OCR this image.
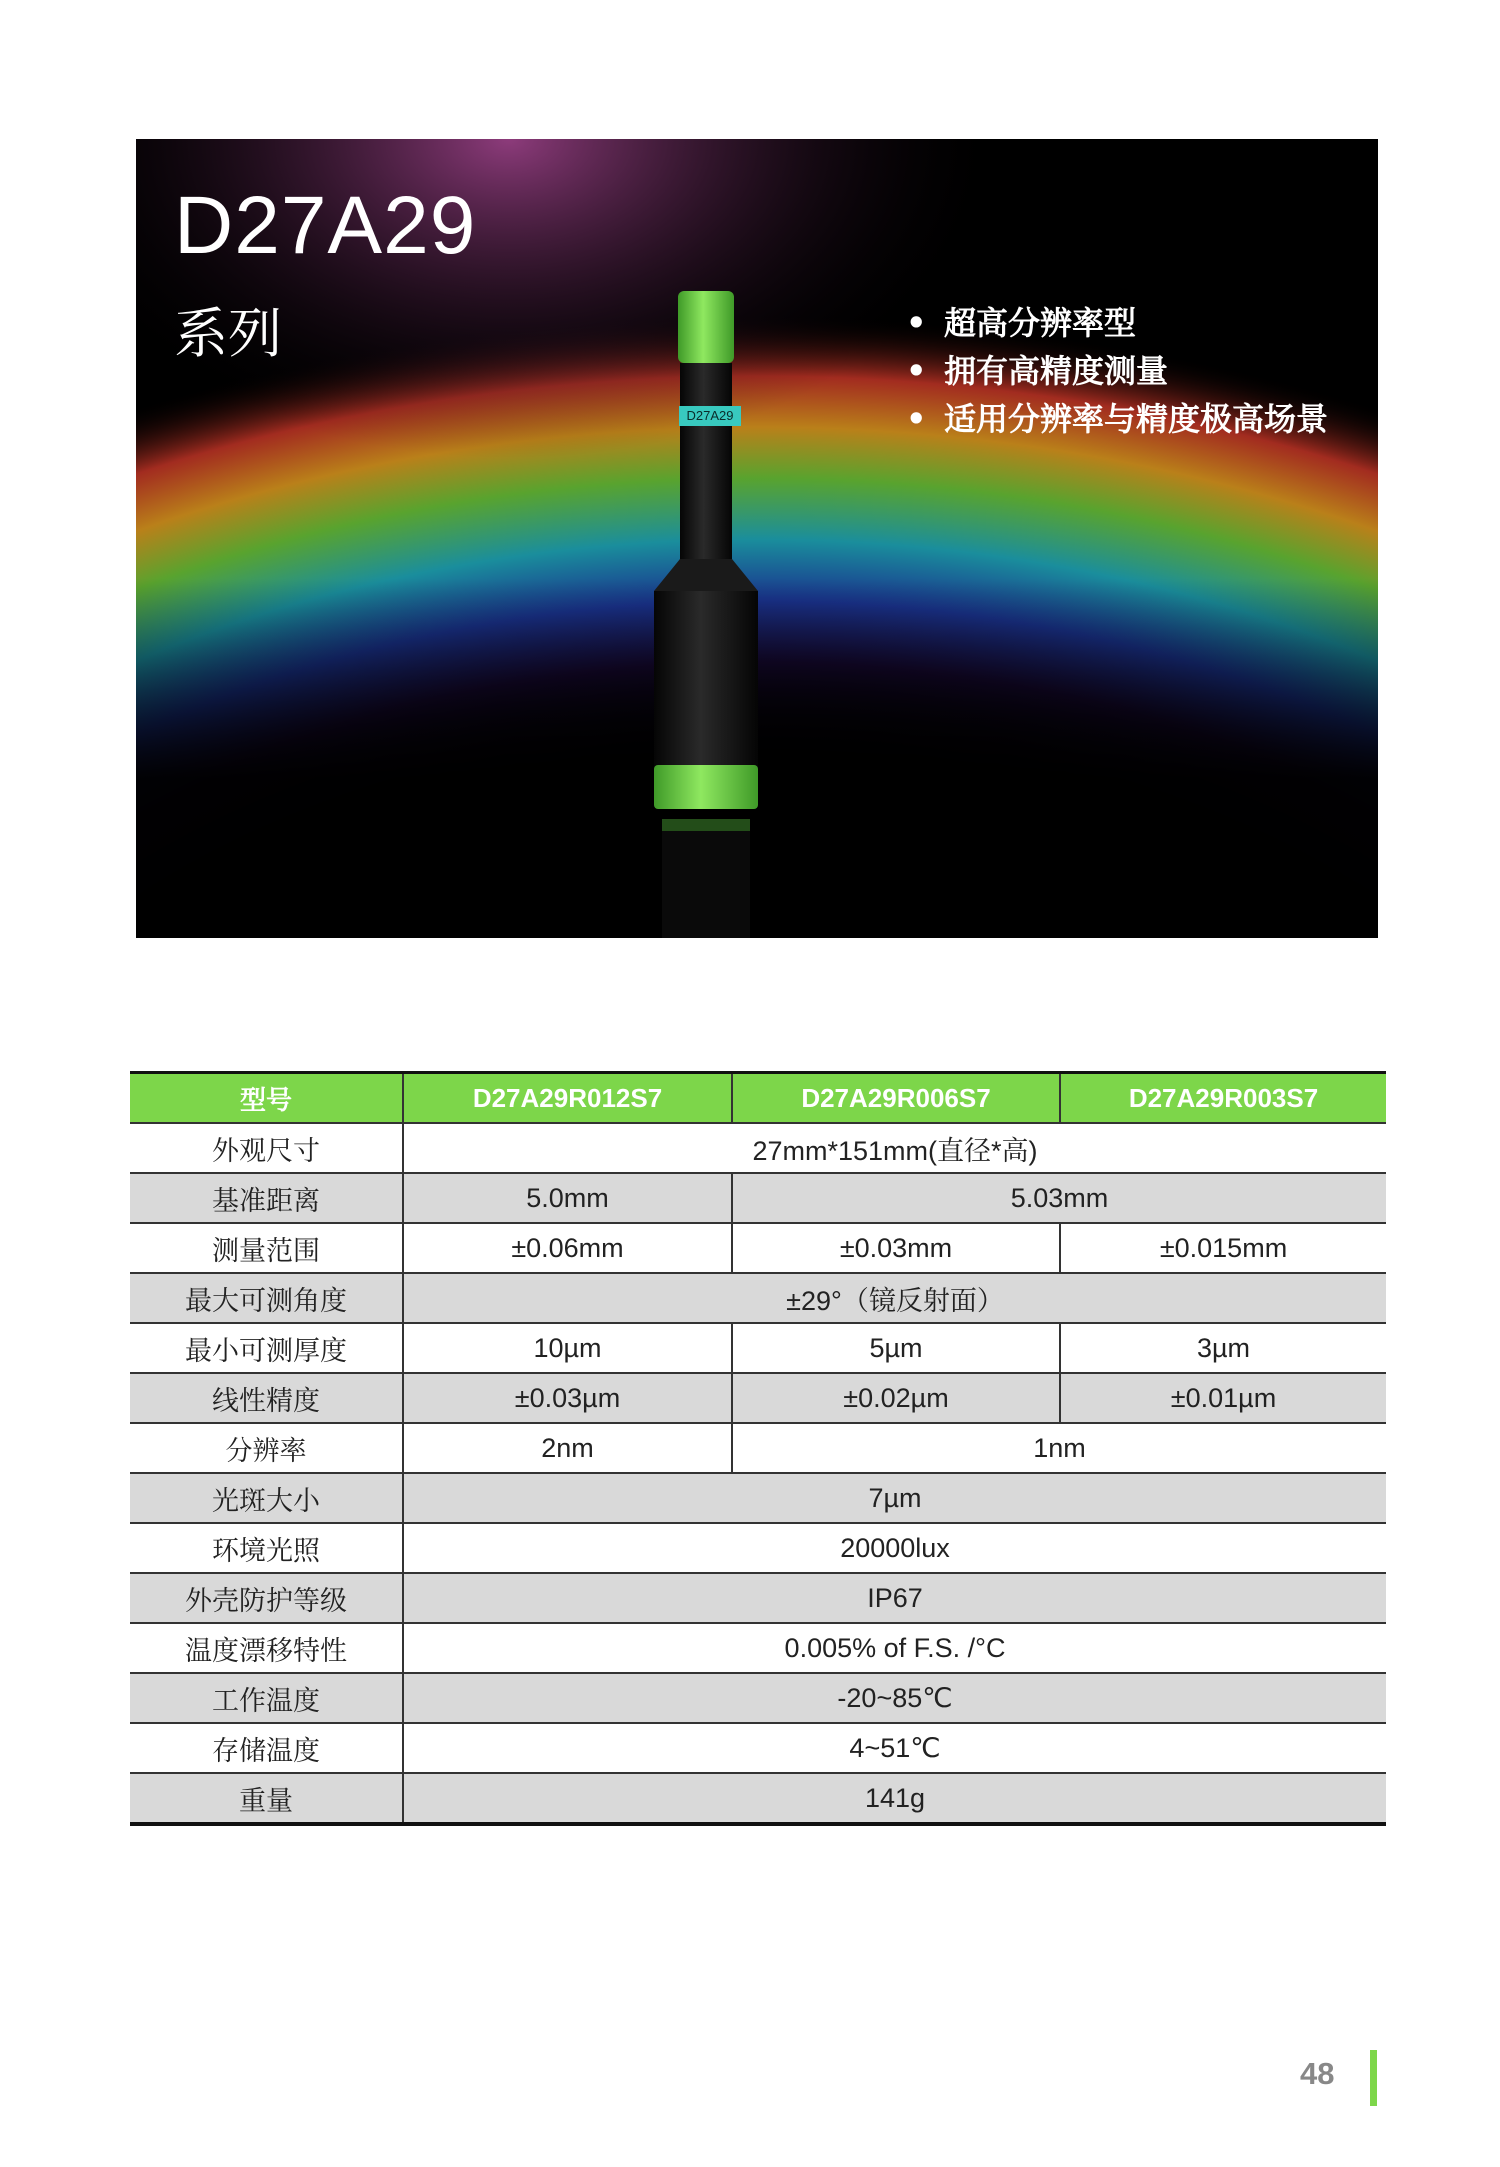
D27A29
系列
D27A29
• 超高分辨率型
• 拥有高精度测量
• 适用分辨率与精度极高场景
型号	D27A29R012S7	D27A29R006S7	D27A29R003S7
外观尺寸	27mm*151mm(直径*高)		
基准距离	5.0mm	5.03mm	
测量范围	±0.06mm	±0.03mm	±0.015mm
最大可测角度	±29°（镜反射面）		
最小可测厚度	10µm	5µm	3µm
线性精度	±0.03µm	±0.02µm	±0.01µm
分辨率	2nm	1nm	
光斑大小	7µm		
环境光照	20000lux		
外壳防护等级	IP67		
温度漂移特性	0.005% of F.S. /°C		
工作温度	-20~85℃		
存储温度	4~51℃		
重量	141g		
48
